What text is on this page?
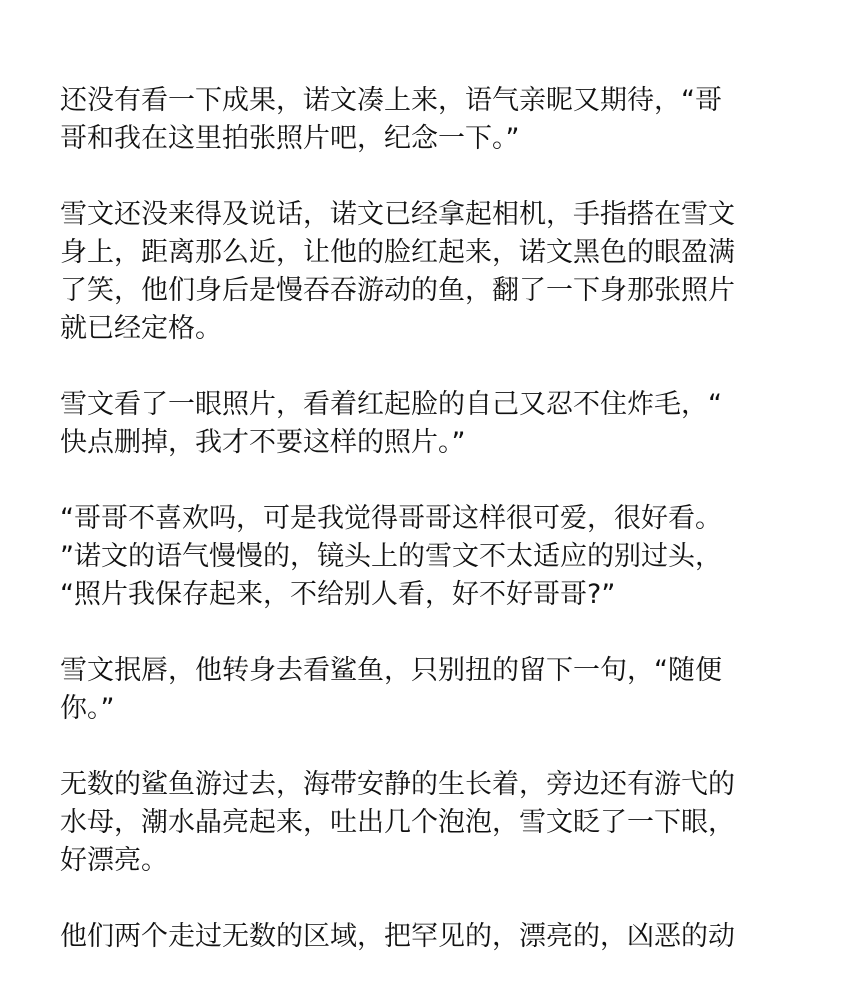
还没有看一下成果，诺文凑上来，语气亲昵又期待，“哥
哥和我在这里拍张照片吧，纪念一下。”

雪文还没来得及说话，诺文已经拿起相机，手指搭在雪文
身上，距离那么近，让他的脸红起来，诺文黑色的眼盈满
了笑，他们身后是慢吞吞游动的鱼，翻了一下身那张照片
就已经定格。

雪文看了一眼照片，看着红起脸的自己又忍不住炸毛，“
快点删掉，我才不要这样的照片。”

“哥哥不喜欢吗，可是我觉得哥哥这样很可爱，很好看。
”诺文的语气慢慢的，镜头上的雪文不太适应的别过头，
“照片我保存起来，不给别人看，好不好哥哥?”

雪文抿唇，他转身去看鲨鱼，只别扭的留下一句，“随便
你。”

无数的鲨鱼游过去，海带安静的生长着，旁边还有游弋的
水母，潮水晶亮起来，吐出几个泡泡，雪文眨了一下眼，
好漂亮。

他们两个走过无数的区域，把罕见的，漂亮的，凶恶的动
